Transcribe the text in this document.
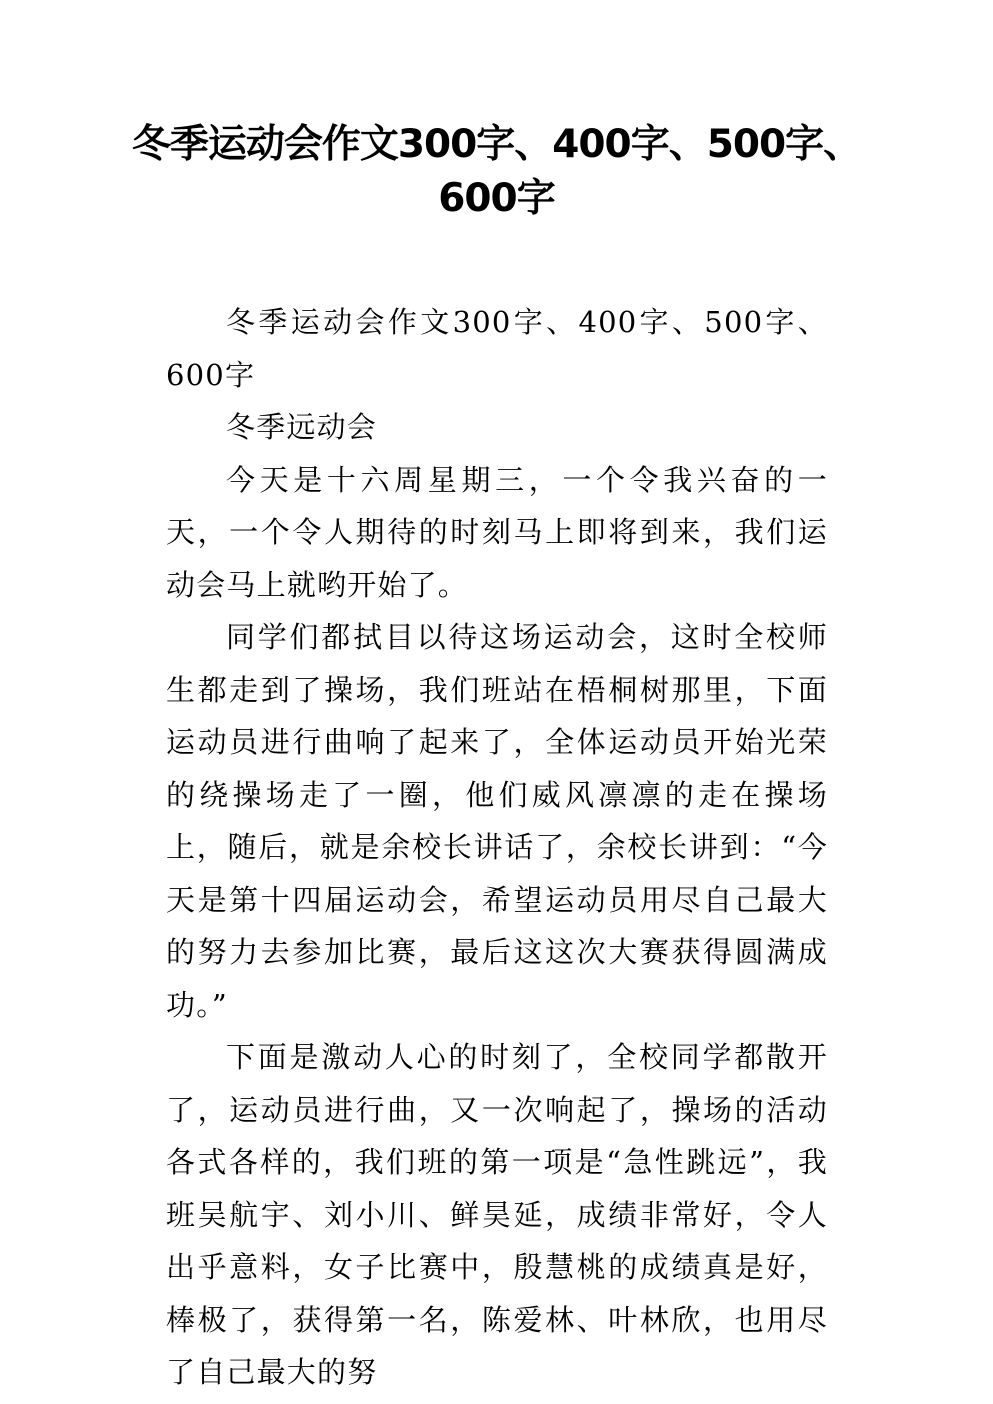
冬季运动会作文300字、400字、500字、600字

冬季运动会作文300字、400字、500字、600字

冬季远动会

今天是十六周星期三，一个令我兴奋的一天，一个令人期待的时刻马上即将到来，我们运动会马上就哟开始了。

同学们都拭目以待这场运动会，这时全校师生都走到了操场，我们班站在梧桐树那里，下面运动员进行曲响了起来了，全体运动员开始光荣的绕操场走了一圈，他们威风凛凛的走在操场上，随后，就是余校长讲话了，余校长讲到：“今天是第十四届运动会，希望运动员用尽自己最大的努力去参加比赛，最后这这次大赛获得圆满成功。”

下面是激动人心的时刻了，全校同学都散开了，运动员进行曲，又一次响起了，操场的活动各式各样的，我们班的第一项是“急性跳远”，我班吴航宇、刘小川、鲜昊延，成绩非常好，令人出乎意料，女子比赛中，殷慧桃的成绩真是好，棒极了，获得第一名，陈爱林、叶林欣，也用尽了自己最大的努
